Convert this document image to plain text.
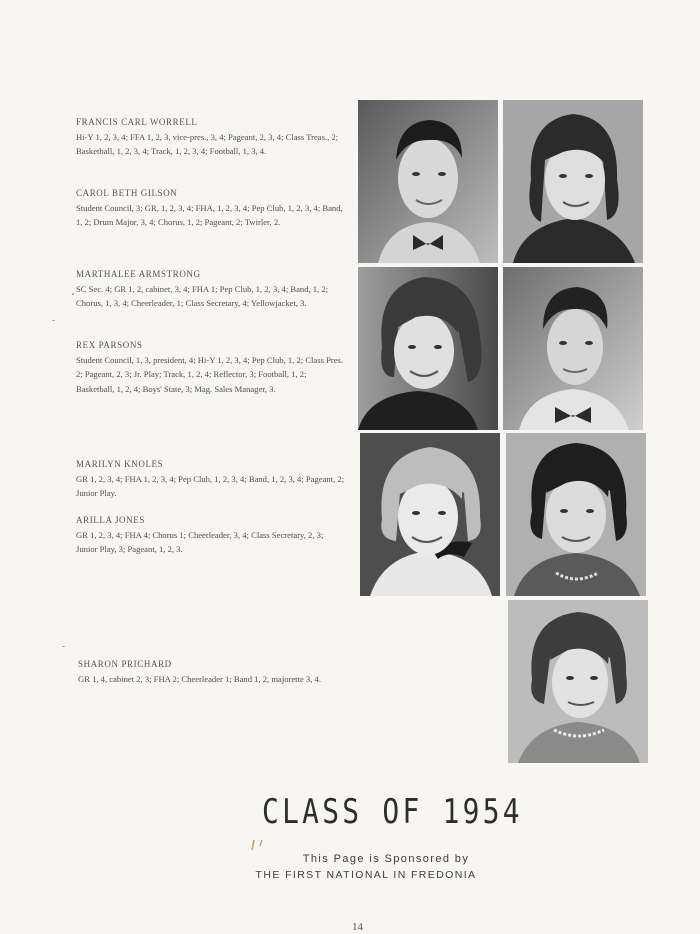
FRANCIS CARL WORRELL
Hi-Y 1, 2, 3, 4; FFA 1, 2, 3, vice-pres., 3, 4; Pageant, 2, 3, 4; Class Treas., 2; Basketball, 1, 2, 3, 4; Track, 1, 2, 3, 4; Football, 1, 3, 4.
CAROL BETH GILSON
Student Council, 3; GR, 1, 2, 3, 4; FHA, 1, 2, 3, 4; Pep Club, 1, 2, 3, 4; Band, 1, 2; Drum Major, 3, 4; Chorus, 1, 2; Pageant, 2; Twirler, 2.
MARTHALEE ARMSTRONG
SC Sec. 4; GR 1, 2, cabinet, 3, 4; FHA 1; Pep Club, 1, 2, 3, 4; Band, 1, 2; Chorus, 1, 3, 4; Cheerleader, 1; Class Secretary, 4; Yellowjacket, 3.
REX PARSONS
Student Council, 1, 3, president, 4; Hi-Y 1, 2, 3, 4; Pep Club, 1, 2; Class Pres. 2; Pageant, 2, 3; Jr. Play; Track, 1, 2, 4; Reflector, 3; Football, 1, 2; Basketball, 1, 2, 4; Boys' State, 3; Mag. Sales Manager, 3.
MARILYN KNOLES
GR 1, 2, 3, 4; FHA 1, 2, 3, 4; Pep Club, 1, 2, 3, 4; Band, 1, 2, 3, 4; Pageant, 2; Junior Play.
ARILLA JONES
GR 1, 2, 3, 4; FHA 4; Chorus 1; Cheerleader, 3, 4; Class Secretary, 2, 3; Junior Play, 3; Pageant, 1, 2, 3.
SHARON PRICHARD
GR 1, 4, cabinet 2, 3; FHA 2; Cheerleader 1; Band 1, 2, majorette 3, 4.
CLASS OF 1954
This Page is Sponsored by
THE FIRST NATIONAL IN FREDONIA
14
